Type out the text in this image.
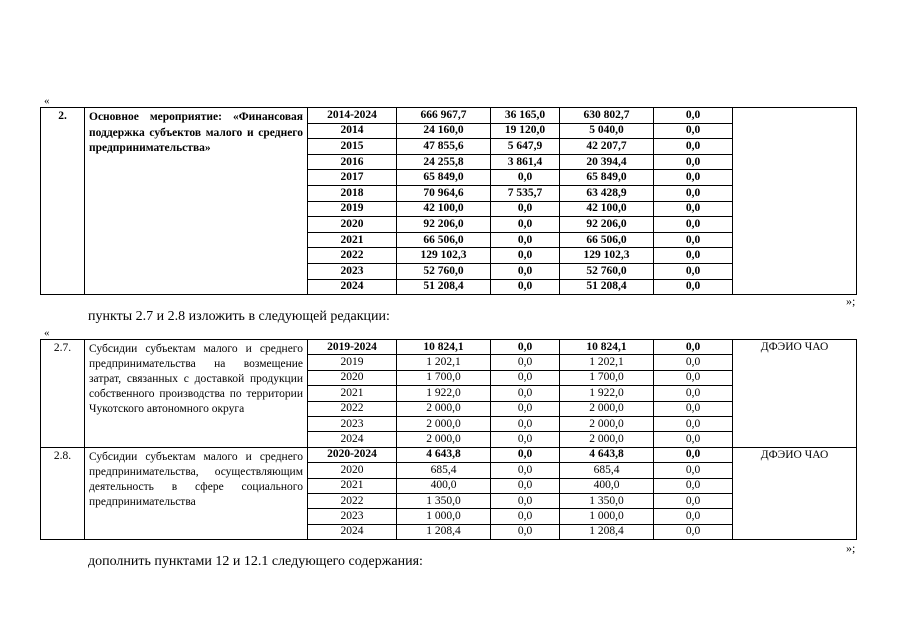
«
2.	Основное мероприятие: «Финансовая поддержка субъектов малого и среднего предпринимательства»	2014-2024	666 967,7	36 165,0	630 802,7	0,0	
		2014	24 160,0	19 120,0	5 040,0	0,0	
		2015	47 855,6	5 647,9	42 207,7	0,0	
		2016	24 255,8	3 861,4	20 394,4	0,0	
		2017	65 849,0	0,0	65 849,0	0,0	
		2018	70 964,6	7 535,7	63 428,9	0,0	
		2019	42 100,0	0,0	42 100,0	0,0	
		2020	92 206,0	0,0	92 206,0	0,0	
		2021	66 506,0	0,0	66 506,0	0,0	
		2022	129 102,3	0,0	129 102,3	0,0	
		2023	52 760,0	0,0	52 760,0	0,0	
		2024	51 208,4	0,0	51 208,4	0,0	
»;
пункты 2.7 и 2.8 изложить в следующей редакции:
«
2.7.	Субсидии субъектам малого и среднего предпринимательства на возмещение затрат, связанных с доставкой продукции собственного производства по территории Чукотского автономного округа	2019-2024	10 824,1	0,0	10 824,1	0,0	ДФЭИО ЧАО
		2019	1 202,1	0,0	1 202,1	0,0	
		2020	1 700,0	0,0	1 700,0	0,0	
		2021	1 922,0	0,0	1 922,0	0,0	
		2022	2 000,0	0,0	2 000,0	0,0	
		2023	2 000,0	0,0	2 000,0	0,0	
		2024	2 000,0	0,0	2 000,0	0,0	
2.8.	Субсидии субъектам малого и среднего предпринимательства, осуществляющим деятельность в сфере социального предпринимательства	2020-2024	4 643,8	0,0	4 643,8	0,0	ДФЭИО ЧАО
		2020	685,4	0,0	685,4	0,0	
		2021	400,0	0,0	400,0	0,0	
		2022	1 350,0	0,0	1 350,0	0,0	
		2023	1 000,0	0,0	1 000,0	0,0	
		2024	1 208,4	0,0	1 208,4	0,0	
»;
дополнить пунктами 12 и 12.1 следующего содержания:
